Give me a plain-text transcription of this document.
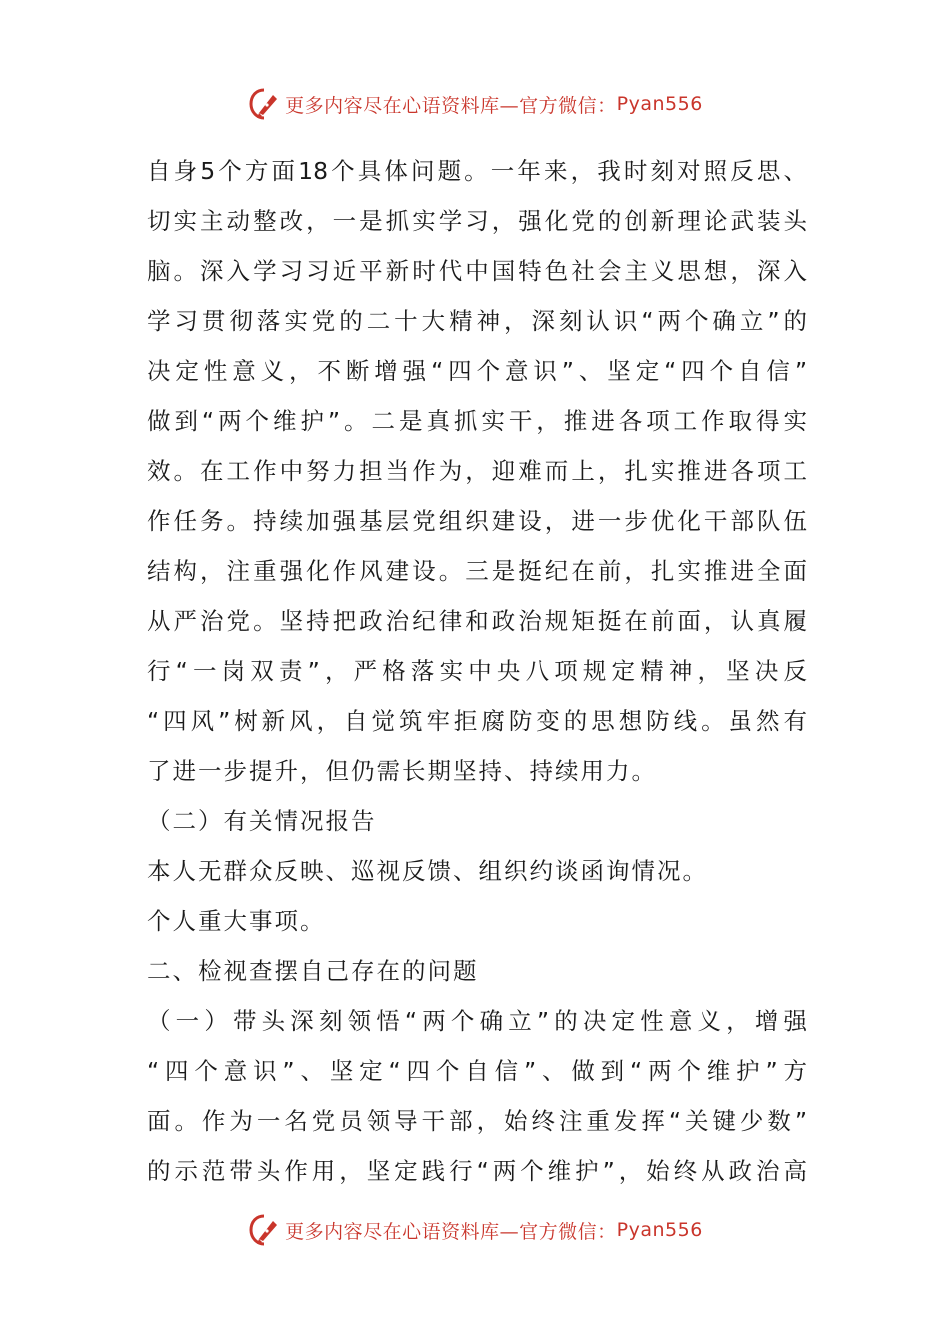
更多内容尽在心语资料库—官方微信： Pyan556
自身5个方面18个具体问题。一年来，我时刻对照反思、
切实主动整改，一是抓实学习，强化党的创新理论武装头
脑。深入学习习近平新时代中国特色社会主义思想，深入
学习贯彻落实党的二十大精神，深刻认识“两个确立”的
决定性意义，不断增强“四个意识”、坚定“四个自信”
做到“两个维护”。二是真抓实干，推进各项工作取得实
效。在工作中努力担当作为，迎难而上，扎实推进各项工
作任务。持续加强基层党组织建设，进一步优化干部队伍
结构，注重强化作风建设。三是挺纪在前，扎实推进全面
从严治党。坚持把政治纪律和政治规矩挺在前面，认真履
行“一岗双责”，严格落实中央八项规定精神，坚决反
“四风”树新风，自觉筑牢拒腐防变的思想防线。虽然有
了进一步提升，但仍需长期坚持、持续用力。
（二）有关情况报告
本人无群众反映、巡视反馈、组织约谈函询情况。
个人重大事项。
二、检视查摆自己存在的问题
（一）带头深刻领悟“两个确立”的决定性意义，增强
“四个意识”、坚定“四个自信”、做到“两个维护”方
面。作为一名党员领导干部，始终注重发挥“关键少数”
的示范带头作用，坚定践行“两个维护”，始终从政治高
更多内容尽在心语资料库—官方微信： Pyan556
